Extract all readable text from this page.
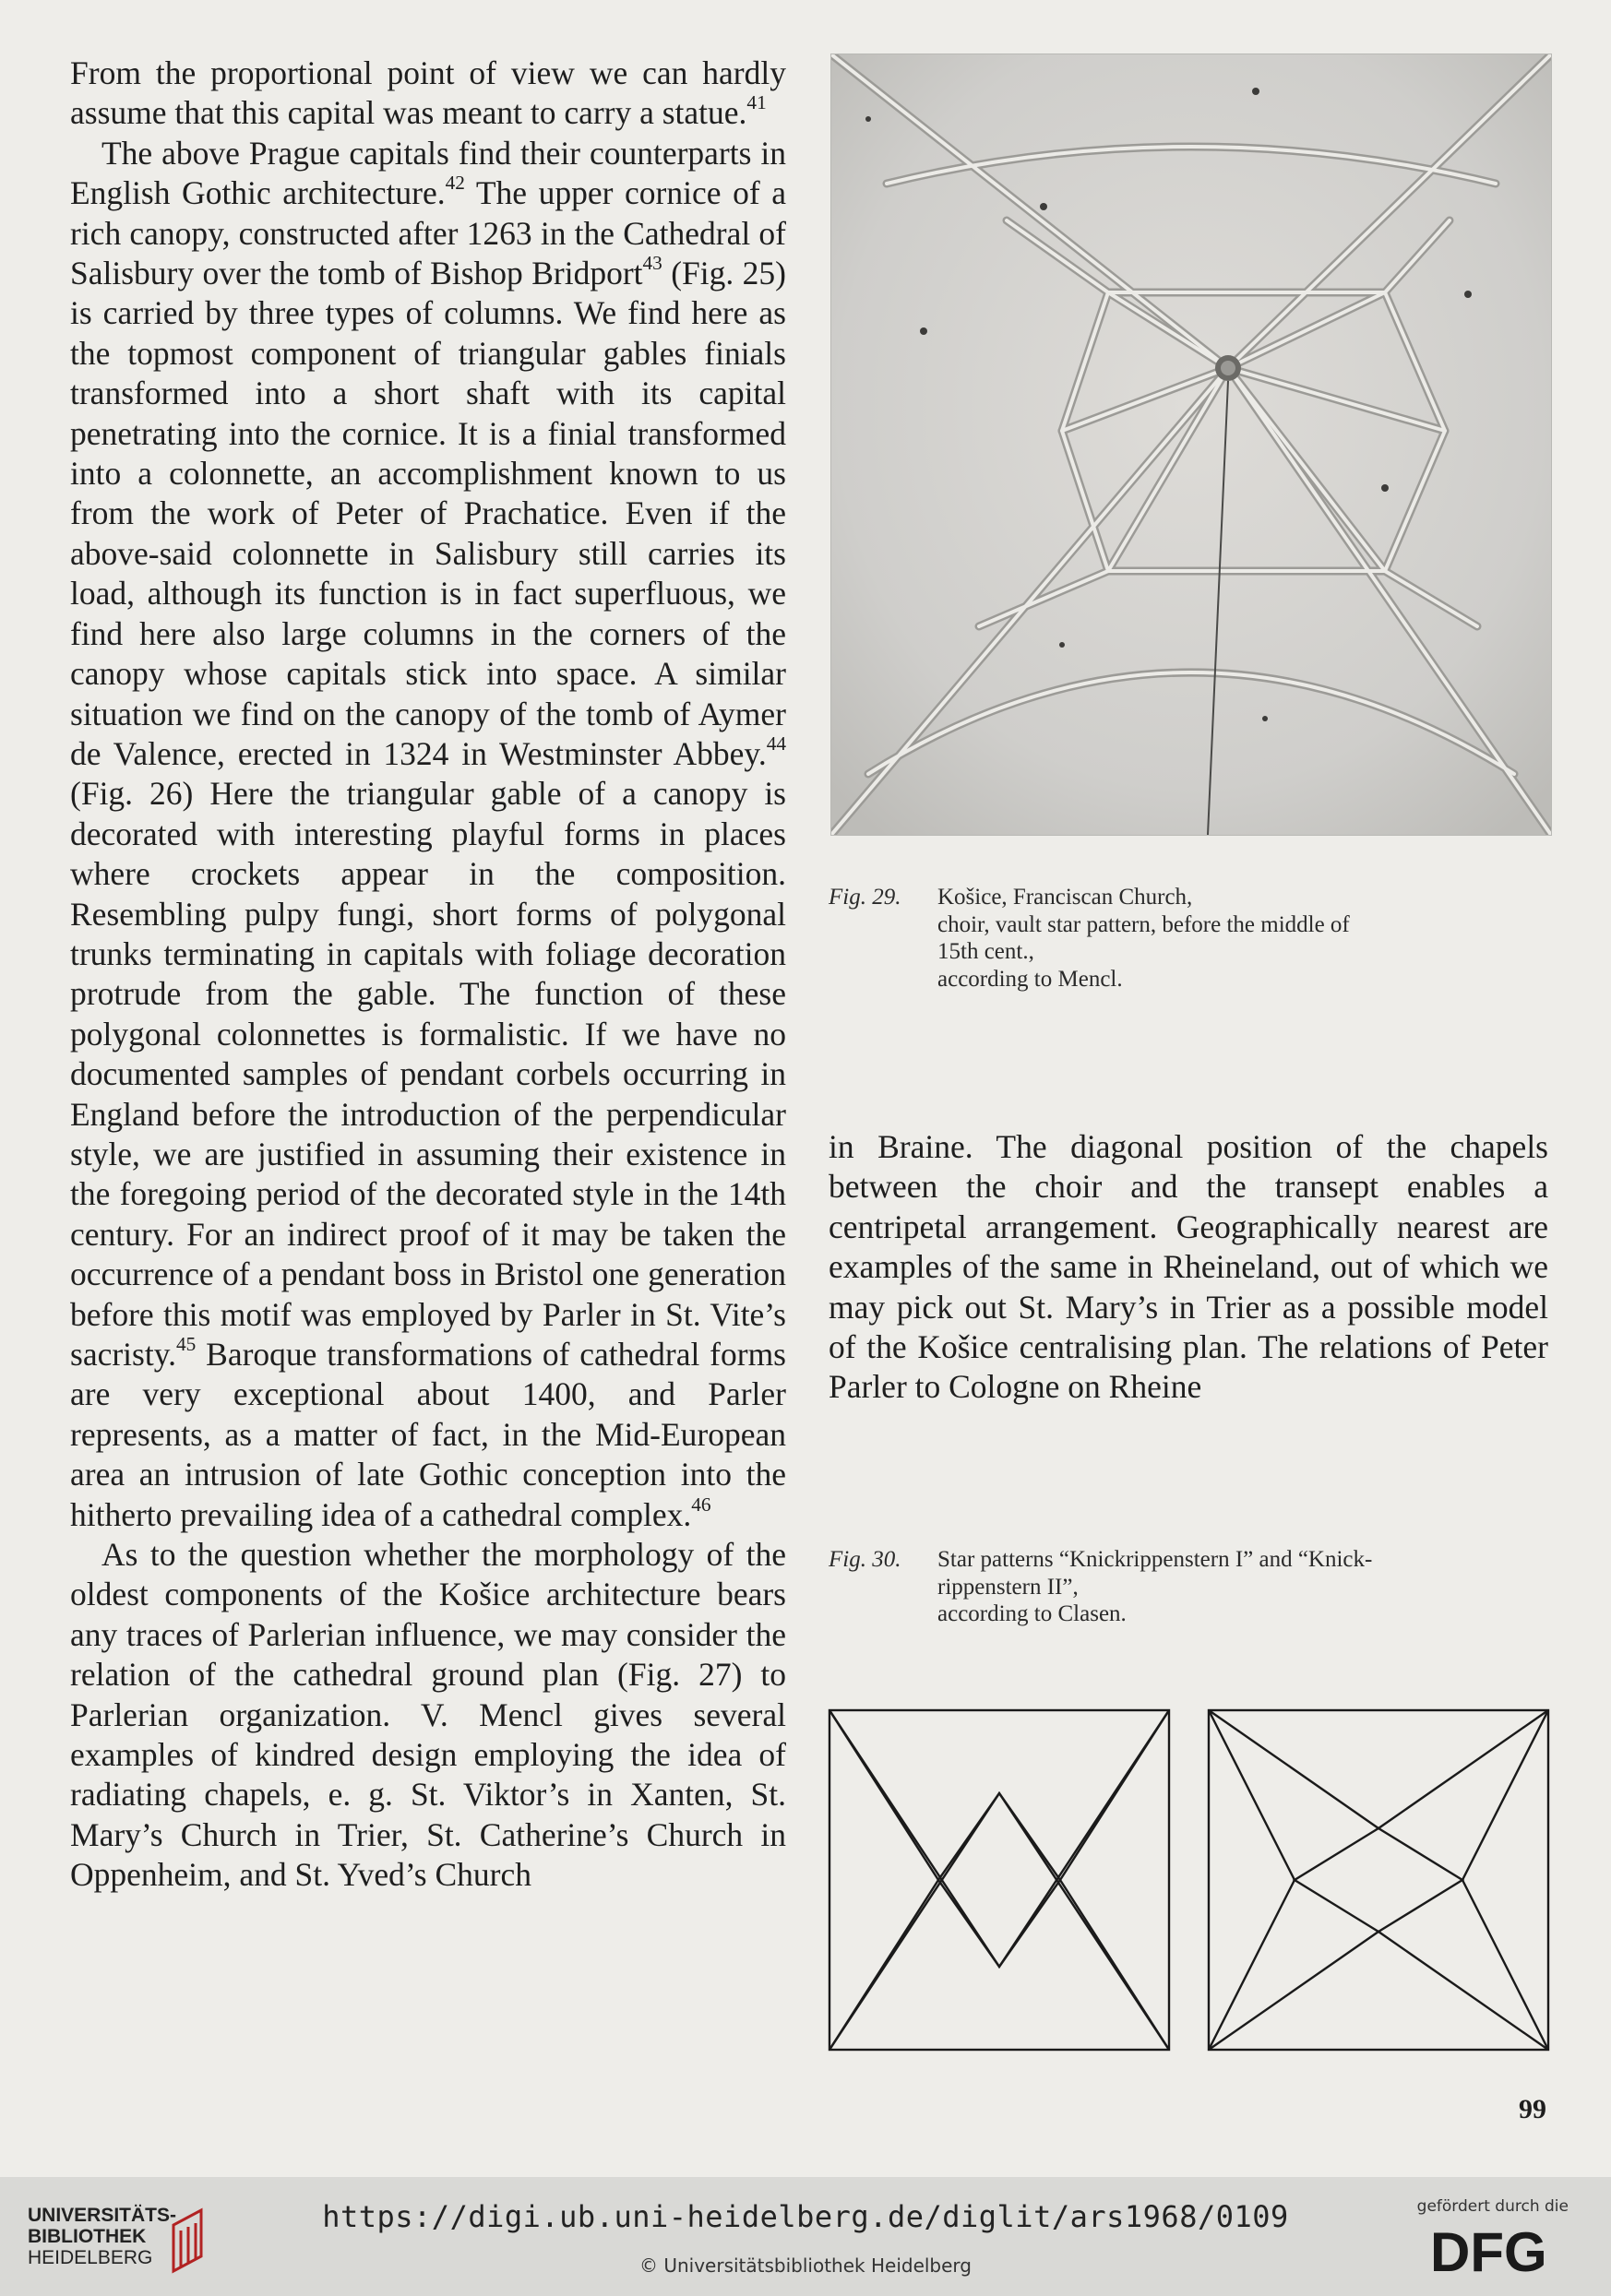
From the proportional point of view we can hardly assume that this capital was meant to carry a statue.$^{41}$

The above Prague capitals find their counterparts in English Gothic architecture.$^{42}$ The upper cornice of a rich canopy, constructed after 1263 in the Cathedral of Salisbury over the tomb of Bishop Bridport$^{43}$ (Fig. 25) is carried by three types of columns. We find here as the topmost component of triangular gables finials transformed into a short shaft with its capital penetrating into the cornice. It is a finial transformed into a colonnette, an accomplishment known to us from the work of Peter of Prachatice. Even if the above-said colonnette in Salisbury still carries its load, although its function is in fact superfluous, we find here also large columns in the corners of the canopy whose capitals stick into space. A similar situation we find on the canopy of the tomb of Aymer de Valence, erected in 1324 in Westminster Abbey.$^{44}$ (Fig. 26) Here the triangular gable of a canopy is decorated with interesting playful forms in places where crockets appear in the composition. Resembling pulpy fungi, short forms of polygonal trunks terminating in capitals with foliage decoration protrude from the gable. The function of these polygonal colonnettes is formalistic. If we have no documented samples of pendant corbels occurring in England before the introduction of the perpendicular style, we are justified in assuming their existence in the foregoing period of the decorated style in the 14th century. For an indirect proof of it may be taken the occurrence of a pendant boss in Bristol one generation before this motif was employed by Parler in St. Vite’s sacristy.$^{45}$ Baroque transformations of cathedral forms are very exceptional about 1400, and Parler represents, as a matter of fact, in the Mid-European area an intrusion of late Gothic conception into the hitherto prevailing idea of a cathedral complex.$^{46}$

As to the question whether the morphology of the oldest components of the Košice architecture bears any traces of Parlerian influence, we may consider the relation of the cathedral ground plan (Fig. 27) to Parlerian organization. V. Mencl gives several examples of kindred design employing the idea of radiating chapels, e. g. St. Viktor’s in Xanten, St. Mary’s Church in Trier, St. Catherine’s Church in Oppenheim, and St. Yved’s Church

Fig. 29. Košice, Franciscan Church,
choir, vault star pattern, before the middle of
15th cent.,
according to Mencl.

in Braine. The diagonal position of the chapels between the choir and the transept enables a centripetal arrangement. Geographically nearest are examples of the same in Rheineland, out of which we may pick out St. Mary’s in Trier as a possible model of the Košice centralising plan. The relations of Peter Parler to Cologne on Rheine

Fig. 30. Star patterns “Knickrippenstern I” and “Knick-
rippenstern II”,
according to Clasen.
99
UNIVERSITÄTS-
BIBLIOTHEK
HEIDELBERG
https://digi.ub.uni-heidelberg.de/diglit/ars1968/0109
© Universitätsbibliothek Heidelberg
gefördert durch die
DFG
